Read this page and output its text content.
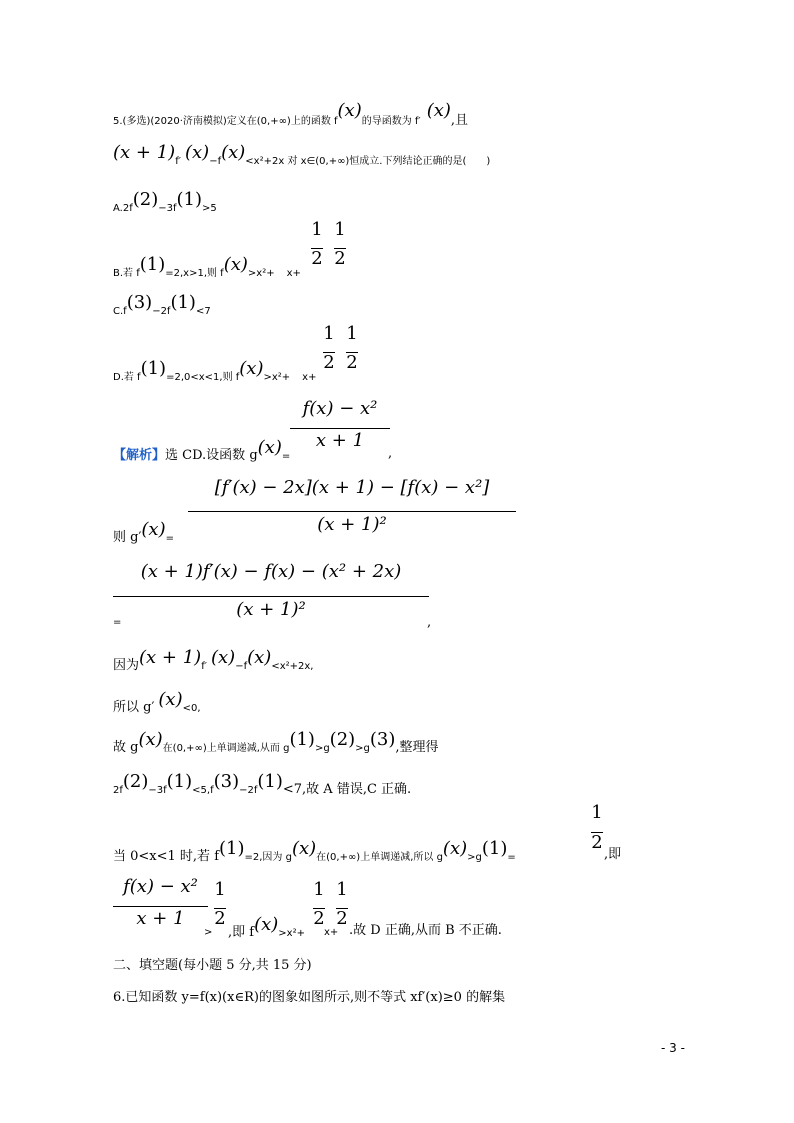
5.(多选)(2020·济南模拟)定义在(0,+∞)上的函数 f(x)的导函数为 f′(x),且
(x + 1)f′ (x)−f(x)<x²+2x 对 x∈(0,+∞)恒成立.下列结论正确的是(　　)
A.2f(2)−3f(1)>5
1
2
1
2
B.若 f(1)=2,x>1,则 f(x)>x²+ x+
C.f(3)−2f(1)<7
1
2
1
2
D.若 f(1)=2,0<x<1,则 f(x)>x²+ x+
f(x) − x²
x + 1
【解析】选 CD.设函数 g(x)=	,
[f′(x) − 2x](x + 1) − [f(x) − x²]
(x + 1)²
则 g′(x)=
(x + 1)f′(x) − f(x) − (x² + 2x)
(x + 1)²
=	,
因为(x + 1)f′ (x)−f(x)<x²+2x,
所以 g′ (x)<0,
故 g(x)在(0,+∞)上单调递减,从而 g(1)>g(2)>g(3),整理得
2f(2)−3f(1)<5,f(3)−2f(1)<7,故 A 错误,C 正确.
1
2
当 0<x<1 时,若 f(1)=2,因为 g(x)在(0,+∞)上单调递减,所以 g(x)>g(1)=	,即
f(x) − x²
x + 1
1
2
1
2
1
2
> ,即 f(x)>x²+ x+ .故 D 正确,从而 B 不正确.
二、填空题(每小题 5 分,共 15 分)
6.已知函数 y=f(x)(x∈R)的图象如图所示,则不等式 xf′(x)≥0 的解集
- 3 -
